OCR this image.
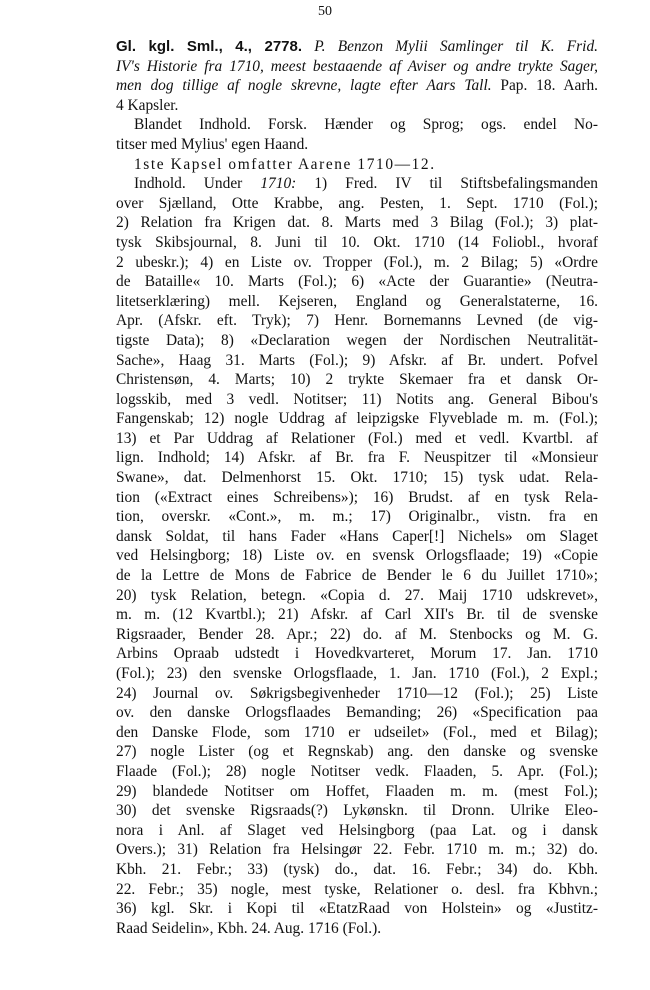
50
Gl. kgl. Sml., 4., 2778. P. Benzon Mylii Samlinger til K. Frid.
IV's Historie fra 1710, meest bestaaende af Aviser og andre trykte Sager,
men dog tillige af nogle skrevne, lagte efter Aars Tall. Pap. 18. Aarh.
4 Kapsler.
Blandet Indhold. Forsk. Hænder og Sprog; ogs. endel No-
titser med Mylius' egen Haand.
1ste Kapsel omfatter Aarene 1710—12.
Indhold. Under 1710: 1) Fred. IV til Stiftsbefalingsmanden
over Sjælland, Otte Krabbe, ang. Pesten, 1. Sept. 1710 (Fol.);
2) Relation fra Krigen dat. 8. Marts med 3 Bilag (Fol.); 3) plat-
tysk Skibsjournal, 8. Juni til 10. Okt. 1710 (14 Foliobl., hvoraf
2 ubeskr.); 4) en Liste ov. Tropper (Fol.), m. 2 Bilag; 5) «Ordre
de Bataille« 10. Marts (Fol.); 6) «Acte der Guarantie» (Neutra-
litetserklæring) mell. Kejseren, England og Generalstaterne, 16.
Apr. (Afskr. eft. Tryk); 7) Henr. Bornemanns Levned (de vig-
tigste Data); 8) «Declaration wegen der Nordischen Neutralität-
Sache», Haag 31. Marts (Fol.); 9) Afskr. af Br. undert. Pofvel
Christensøn, 4. Marts; 10) 2 trykte Skemaer fra et dansk Or-
logsskib, med 3 vedl. Notitser; 11) Notits ang. General Bibou's
Fangenskab; 12) nogle Uddrag af leipzigske Flyveblade m. m. (Fol.);
13) et Par Uddrag af Relationer (Fol.) med et vedl. Kvartbl. af
lign. Indhold; 14) Afskr. af Br. fra F. Neuspitzer til «Monsieur
Swane», dat. Delmenhorst 15. Okt. 1710; 15) tysk udat. Rela-
tion («Extract eines Schreibens»); 16) Brudst. af en tysk Rela-
tion, overskr. «Cont.», m. m.; 17) Originalbr., vistn. fra en
dansk Soldat, til hans Fader «Hans Caper[!] Nichels» om Slaget
ved Helsingborg; 18) Liste ov. en svensk Orlogsflaade; 19) «Copie
de la Lettre de Mons de Fabrice de Bender le 6 du Juillet 1710»;
20) tysk Relation, betegn. «Copia d. 27. Maij 1710 udskrevet»,
m. m. (12 Kvartbl.); 21) Afskr. af Carl XII's Br. til de svenske
Rigsraader, Bender 28. Apr.; 22) do. af M. Stenbocks og M. G.
Arbins Opraab udstedt i Hovedkvarteret, Morum 17. Jan. 1710
(Fol.); 23) den svenske Orlogsflaade, 1. Jan. 1710 (Fol.), 2 Expl.;
24) Journal ov. Søkrigsbegivenheder 1710—12 (Fol.); 25) Liste
ov. den danske Orlogsflaades Bemanding; 26) «Specification paa
den Danske Flode, som 1710 er udseilet» (Fol., med et Bilag);
27) nogle Lister (og et Regnskab) ang. den danske og svenske
Flaade (Fol.); 28) nogle Notitser vedk. Flaaden, 5. Apr. (Fol.);
29) blandede Notitser om Hoffet, Flaaden m. m. (mest Fol.);
30) det svenske Rigsraads(?) Lykønskn. til Dronn. Ulrike Eleo-
nora i Anl. af Slaget ved Helsingborg (paa Lat. og i dansk
Overs.); 31) Relation fra Helsingør 22. Febr. 1710 m. m.; 32) do.
Kbh. 21. Febr.; 33) (tysk) do., dat. 16. Febr.; 34) do. Kbh.
22. Febr.; 35) nogle, mest tyske, Relationer o. desl. fra Kbhvn.;
36) kgl. Skr. i Kopi til «EtatzRaad von Holstein» og «Justitz-
Raad Seidelin», Kbh. 24. Aug. 1716 (Fol.).
